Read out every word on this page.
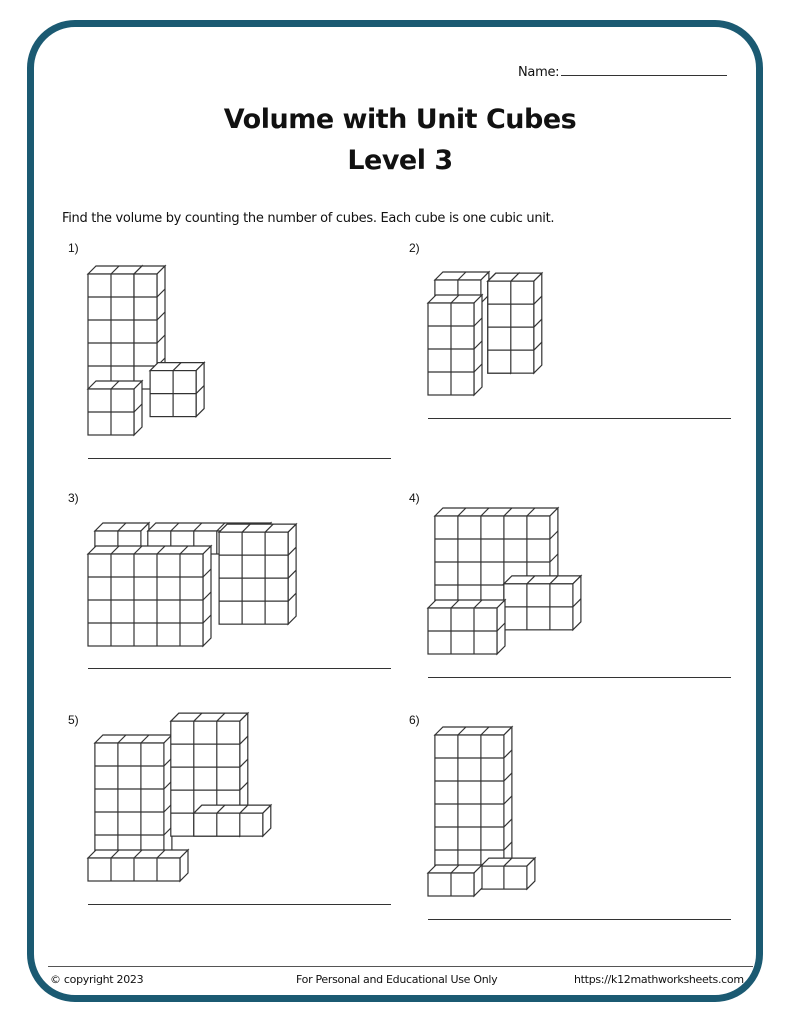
Name:
Volume with Unit Cubes
Level 3
Find the volume by counting the number of cubes. Each cube is one cubic unit.
1)	2)
3)	4)
5)	6)
© copyright 2023	For Personal and Educational Use Only	https://k12mathworksheets.com
